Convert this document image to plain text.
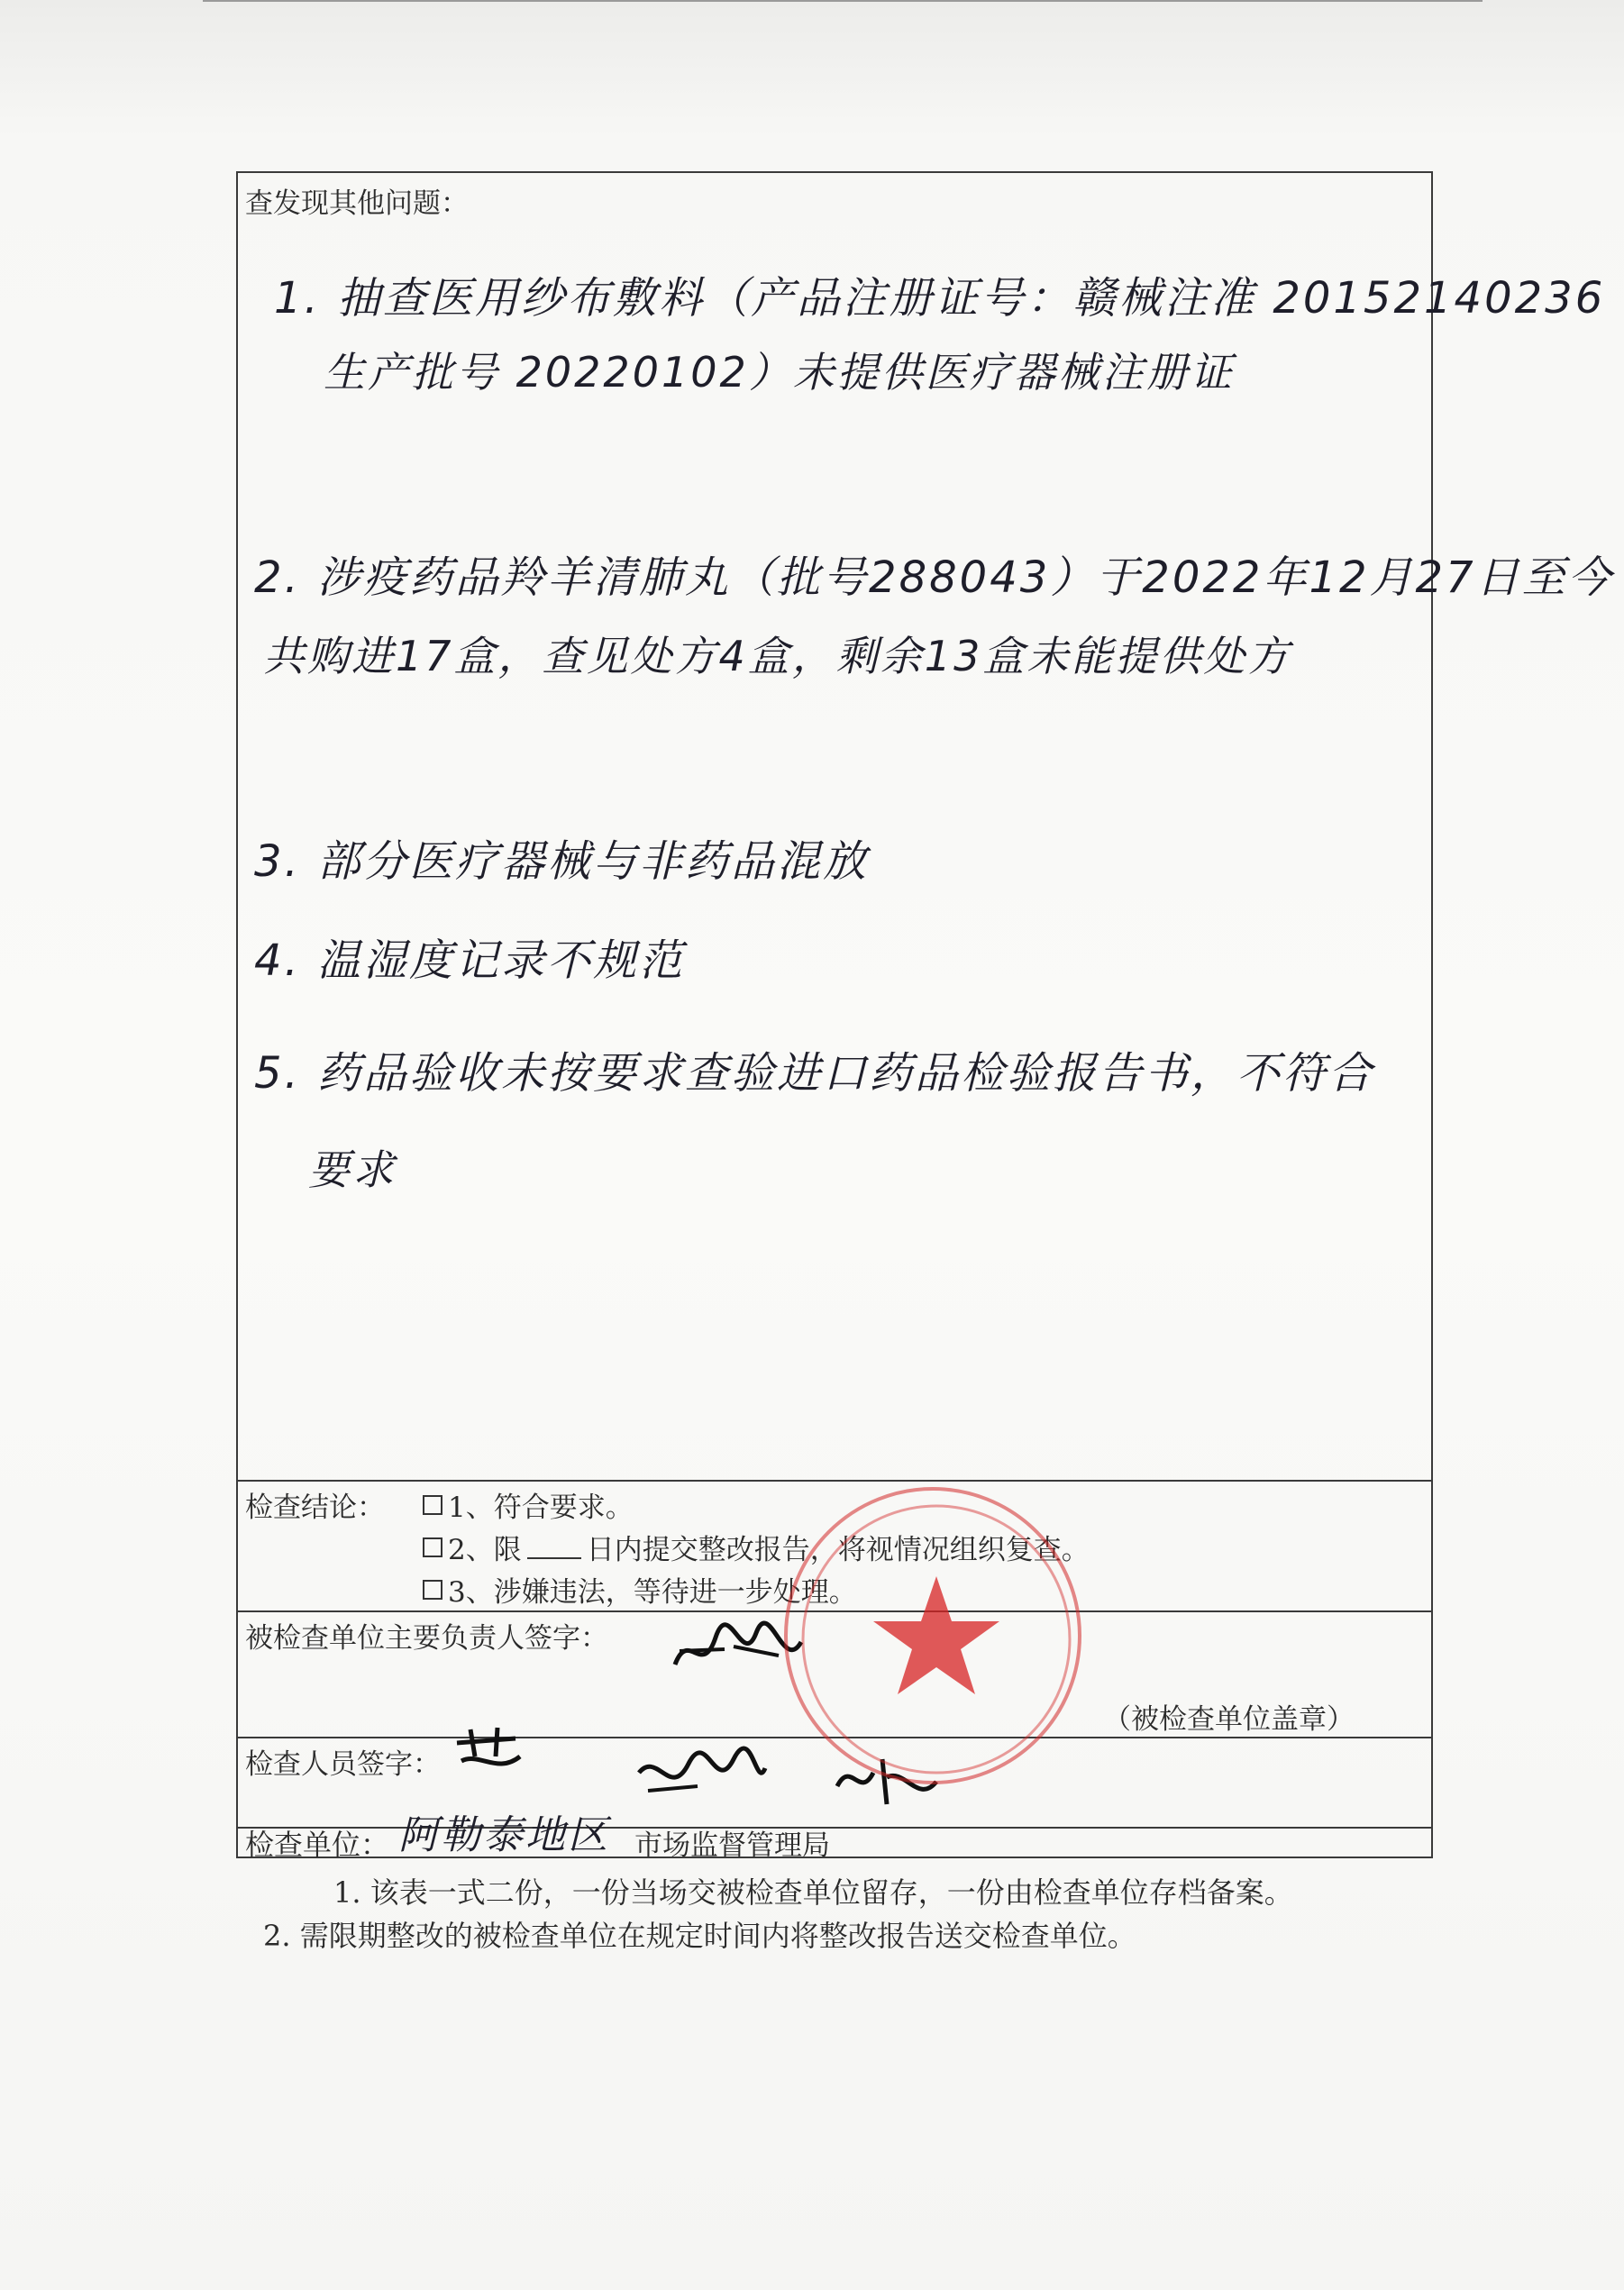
查发现其他问题：
1. 抽查医用纱布敷料（产品注册证号：赣械注准 20152140236
生产批号 20220102）未提供医疗器械注册证
2. 涉疫药品羚羊清肺丸（批号288043）于2022年12月27日至今
共购进17盒，查见处方4盒，剩余13盒未能提供处方
3. 部分医疗器械与非药品混放
4. 温湿度记录不规范
5. 药品验收未按要求查验进口药品检验报告书，不符合
要求
检查结论： 1、符合要求。
2、限 日内提交整改报告，将视情况组织复查。
3、涉嫌违法，等待进一步处理。
被检查单位主要负责人签字：
（被检查单位盖章）
检查人员签字：
检查单位： 阿勒泰地区 市场监督管理局
1. 该表一式二份，一份当场交被检查单位留存，一份由检查单位存档备案。
2. 需限期整改的被检查单位在规定时间内将整改报告送交检查单位。
